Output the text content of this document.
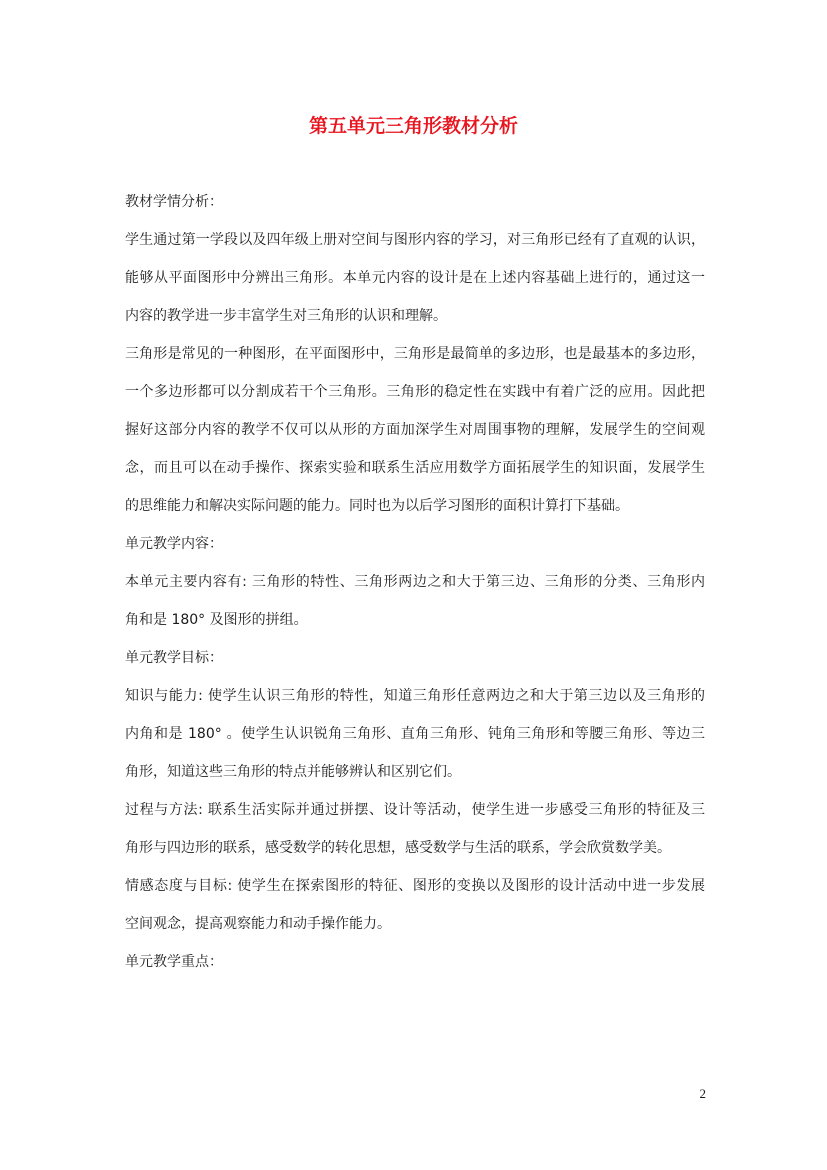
第五单元三角形教材分析
教材学情分析：
学生通过第一学段以及四年级上册对空间与图形内容的学习，对三角形已经有了直观的认识，
能够从平面图形中分辨出三角形。本单元内容的设计是在上述内容基础上进行的，通过这一
内容的教学进一步丰富学生对三角形的认识和理解。
三角形是常见的一种图形，在平面图形中，三角形是最简单的多边形，也是最基本的多边形，
一个多边形都可以分割成若干个三角形。三角形的稳定性在实践中有着广泛的应用。因此把
握好这部分内容的教学不仅可以从形的方面加深学生对周围事物的理解，发展学生的空间观
念，而且可以在动手操作、探索实验和联系生活应用数学方面拓展学生的知识面，发展学生
的思维能力和解决实际问题的能力。同时也为以后学习图形的面积计算打下基础。
单元教学内容：
本单元主要内容有: 三角形的特性、三角形两边之和大于第三边、三角形的分类、三角形内
角和是 180° 及图形的拼组。
单元教学目标：
知识与能力: 使学生认识三角形的特性，知道三角形任意两边之和大于第三边以及三角形的
内角和是 180° 。使学生认识锐角三角形、直角三角形、钝角三角形和等腰三角形、等边三
角形，知道这些三角形的特点并能够辨认和区别它们。
过程与方法: 联系生活实际并通过拼摆、设计等活动，使学生进一步感受三角形的特征及三
角形与四边形的联系，感受数学的转化思想，感受数学与生活的联系，学会欣赏数学美。
情感态度与目标: 使学生在探索图形的特征、图形的变换以及图形的设计活动中进一步发展
空间观念，提高观察能力和动手操作能力。
单元教学重点：
2
